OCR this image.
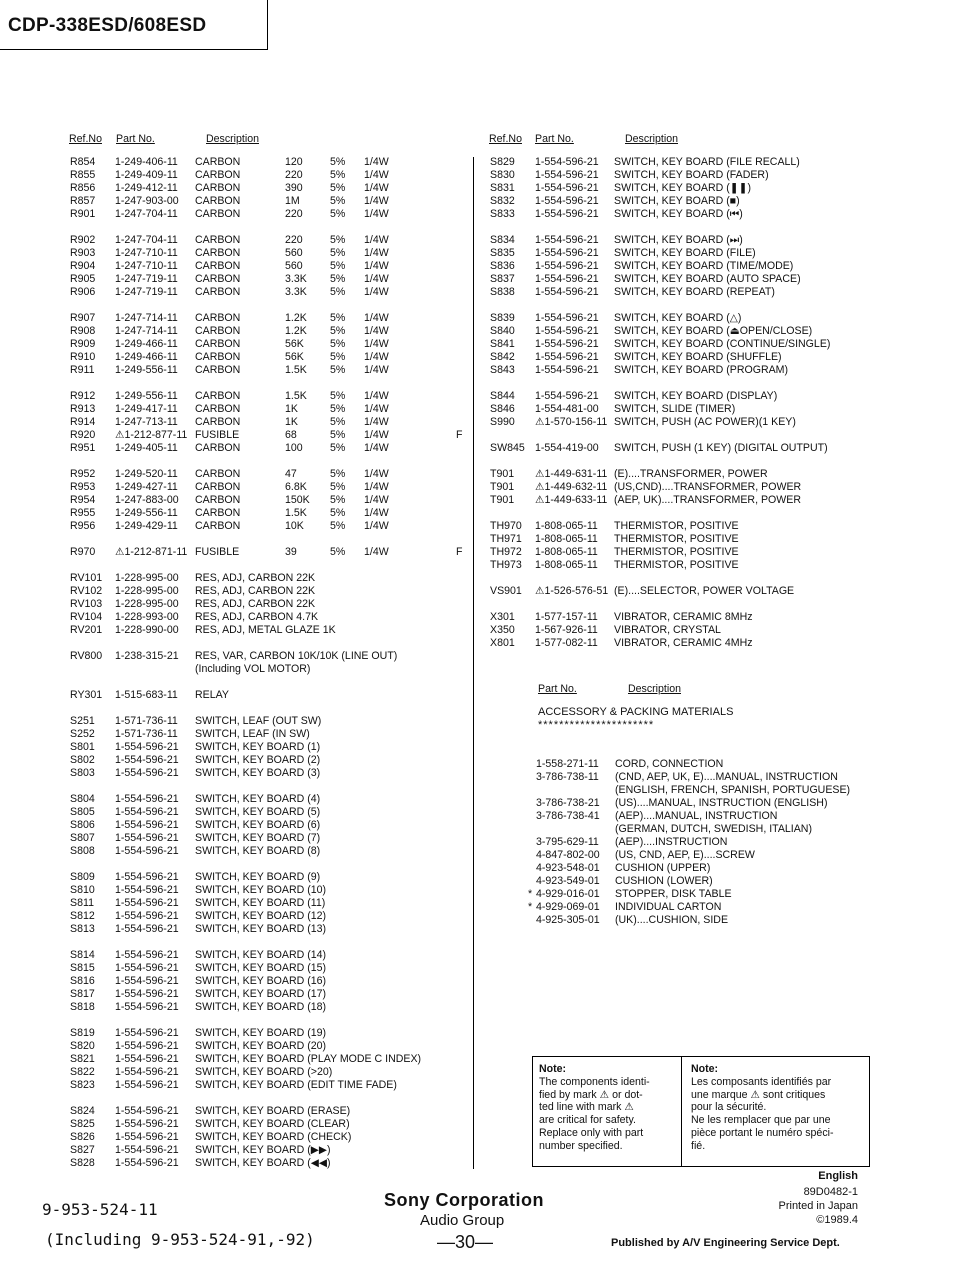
CDP-338ESD/608ESD
Ref.No Part No.	Description	Ref.No Part No.	Description
R854 1-249-406-11 CARBON	120	5% 1/4W
R855 1-249-409-11 CARBON	220	5% 1/4W
R856 1-249-412-11 CARBON	390	5% 1/4W
R857 1-247-903-00 CARBON	1M	5% 1/4W
R901 1-247-704-11 CARBON	220	5% 1/4W
R902 1-247-704-11 CARBON	220	5% 1/4W
R903 1-247-710-11 CARBON	560	5% 1/4W
R904 1-247-710-11 CARBON	560	5% 1/4W
R905 1-247-719-11 CARBON	3.3K 5% 1/4W
R906 1-247-719-11 CARBON	3.3K 5% 1/4W
R907 1-247-714-11 CARBON	1.2K 5% 1/4W
R908 1-247-714-11 CARBON	1.2K 5% 1/4W
R909 1-249-466-11 CARBON	56K 5% 1/4W
R910 1-249-466-11 CARBON	56K 5% 1/4W
R911 1-249-556-11 CARBON	1.5K 5% 1/4W
R912 1-249-556-11 CARBON	1.5K 5% 1/4W
R913 1-249-417-11 CARBON	1K	5% 1/4W
R914 1-247-713-11 CARBON	1K	5% 1/4W
R920 ⚠1-212-877-11 FUSIBLE	68	5% 1/4W	F
R951 1-249-405-11 CARBON	100	5% 1/4W
R952 1-249-520-11 CARBON	47	5% 1/4W
R953 1-249-427-11 CARBON	6.8K 5% 1/4W
R954 1-247-883-00 CARBON	150K 5% 1/4W
R955 1-249-556-11 CARBON	1.5K 5% 1/4W
R956 1-249-429-11 CARBON	10K 5% 1/4W
R970 ⚠1-212-871-11 FUSIBLE	39	5% 1/4W	F
RV101 1-228-995-00 RES, ADJ, CARBON 22K
RV102 1-228-995-00 RES, ADJ, CARBON 22K
RV103 1-228-995-00 RES, ADJ, CARBON 22K
RV104 1-228-993-00 RES, ADJ, CARBON 4.7K
RV201 1-228-990-00 RES, ADJ, METAL GLAZE 1K
RV800 1-238-315-21 RES, VAR, CARBON 10K/10K (LINE OUT)
(Including VOL MOTOR)
RY301 1-515-683-11 RELAY
S251 1-571-736-11 SWITCH, LEAF (OUT SW)
S252 1-571-736-11 SWITCH, LEAF (IN SW)
S801 1-554-596-21 SWITCH, KEY BOARD (1)
S802 1-554-596-21 SWITCH, KEY BOARD (2)
S803 1-554-596-21 SWITCH, KEY BOARD (3)
S804 1-554-596-21 SWITCH, KEY BOARD (4)
S805 1-554-596-21 SWITCH, KEY BOARD (5)
S806 1-554-596-21 SWITCH, KEY BOARD (6)
S807 1-554-596-21 SWITCH, KEY BOARD (7)
S808 1-554-596-21 SWITCH, KEY BOARD (8)
S809 1-554-596-21 SWITCH, KEY BOARD (9)
S810 1-554-596-21 SWITCH, KEY BOARD (10)
S811 1-554-596-21 SWITCH, KEY BOARD (11)
S812 1-554-596-21 SWITCH, KEY BOARD (12)
S813 1-554-596-21 SWITCH, KEY BOARD (13)
S814 1-554-596-21 SWITCH, KEY BOARD (14)
S815 1-554-596-21 SWITCH, KEY BOARD (15)
S816 1-554-596-21 SWITCH, KEY BOARD (16)
S817 1-554-596-21 SWITCH, KEY BOARD (17)
S818 1-554-596-21 SWITCH, KEY BOARD (18)
S819 1-554-596-21 SWITCH, KEY BOARD (19)
S820 1-554-596-21 SWITCH, KEY BOARD (20)
S821 1-554-596-21 SWITCH, KEY BOARD (PLAY MODE C INDEX)
S822 1-554-596-21 SWITCH, KEY BOARD (>20)
S823 1-554-596-21 SWITCH, KEY BOARD (EDIT TIME FADE)
S824 1-554-596-21 SWITCH, KEY BOARD (ERASE)
S825 1-554-596-21 SWITCH, KEY BOARD (CLEAR)
S826 1-554-596-21 SWITCH, KEY BOARD (CHECK)
S827 1-554-596-21 SWITCH, KEY BOARD (▶▶)
S828 1-554-596-21 SWITCH, KEY BOARD (◀◀)
S829 1-554-596-21 SWITCH, KEY BOARD (FILE RECALL)
S830 1-554-596-21 SWITCH, KEY BOARD (FADER)
S831 1-554-596-21 SWITCH, KEY BOARD (❚❚)
S832 1-554-596-21 SWITCH, KEY BOARD (■)
S833 1-554-596-21 SWITCH, KEY BOARD (⏮)
S834 1-554-596-21 SWITCH, KEY BOARD (⏭)
S835 1-554-596-21 SWITCH, KEY BOARD (FILE)
S836 1-554-596-21 SWITCH, KEY BOARD (TIME/MODE)
S837 1-554-596-21 SWITCH, KEY BOARD (AUTO SPACE)
S838 1-554-596-21 SWITCH, KEY BOARD (REPEAT)
S839 1-554-596-21 SWITCH, KEY BOARD (△)
S840 1-554-596-21 SWITCH, KEY BOARD (⏏OPEN/CLOSE)
S841 1-554-596-21 SWITCH, KEY BOARD (CONTINUE/SINGLE)
S842 1-554-596-21 SWITCH, KEY BOARD (SHUFFLE)
S843 1-554-596-21 SWITCH, KEY BOARD (PROGRAM)
S844 1-554-596-21 SWITCH, KEY BOARD (DISPLAY)
S846 1-554-481-00 SWITCH, SLIDE (TIMER)
S990 ⚠1-570-156-11 SWITCH, PUSH (AC POWER)(1 KEY)
SW845 1-554-419-00 SWITCH, PUSH (1 KEY) (DIGITAL OUTPUT)
T901 ⚠1-449-631-11 (E)....TRANSFORMER, POWER
T901 ⚠1-449-632-11 (US,CND)....TRANSFORMER, POWER
T901 ⚠1-449-633-11 (AEP, UK)....TRANSFORMER, POWER
TH970 1-808-065-11 THERMISTOR, POSITIVE
TH971 1-808-065-11 THERMISTOR, POSITIVE
TH972 1-808-065-11 THERMISTOR, POSITIVE
TH973 1-808-065-11 THERMISTOR, POSITIVE
VS901 ⚠1-526-576-51 (E)....SELECTOR, POWER VOLTAGE
X301 1-577-157-11 VIBRATOR, CERAMIC 8MHz
X350 1-567-926-11 VIBRATOR, CRYSTAL
X801 1-577-082-11 VIBRATOR, CERAMIC 4MHz
Part No.	Description
ACCESSORY & PACKING MATERIALS
**********************
1-558-271-11 CORD, CONNECTION
3-786-738-11 (CND, AEP, UK, E)....MANUAL, INSTRUCTION
(ENGLISH, FRENCH, SPANISH, PORTUGUESE)
3-786-738-21 (US)....MANUAL, INSTRUCTION (ENGLISH)
3-786-738-41 (AEP)....MANUAL, INSTRUCTION
(GERMAN, DUTCH, SWEDISH, ITALIAN)
3-795-629-11 (AEP)....INSTRUCTION
4-847-802-00 (US, CND, AEP, E)....SCREW
4-923-548-01 CUSHION (UPPER)
4-923-549-01 CUSHION (LOWER)
* 4-929-016-01 STOPPER, DISK TABLE
* 4-929-069-01 INDIVIDUAL CARTON
4-925-305-01 (UK)....CUSHION, SIDE
Note:
The components identi-
fied by mark ⚠ or dot-
ted line with mark ⚠
are critical for safety.
Replace only with part
number specified.
Note:
Les composants identifiés par
une marque ⚠ sont critiques
pour la sécurité.
Ne les remplacer que par une
pièce portant le numéro spéci-
fié.
English
89D0482-1
Printed in Japan
©1989.4
Published by A/V Engineering Service Dept.
9-953-524-11
(Including 9-953-524-91,-92)
Sony Corporation
Audio Group
—30—
